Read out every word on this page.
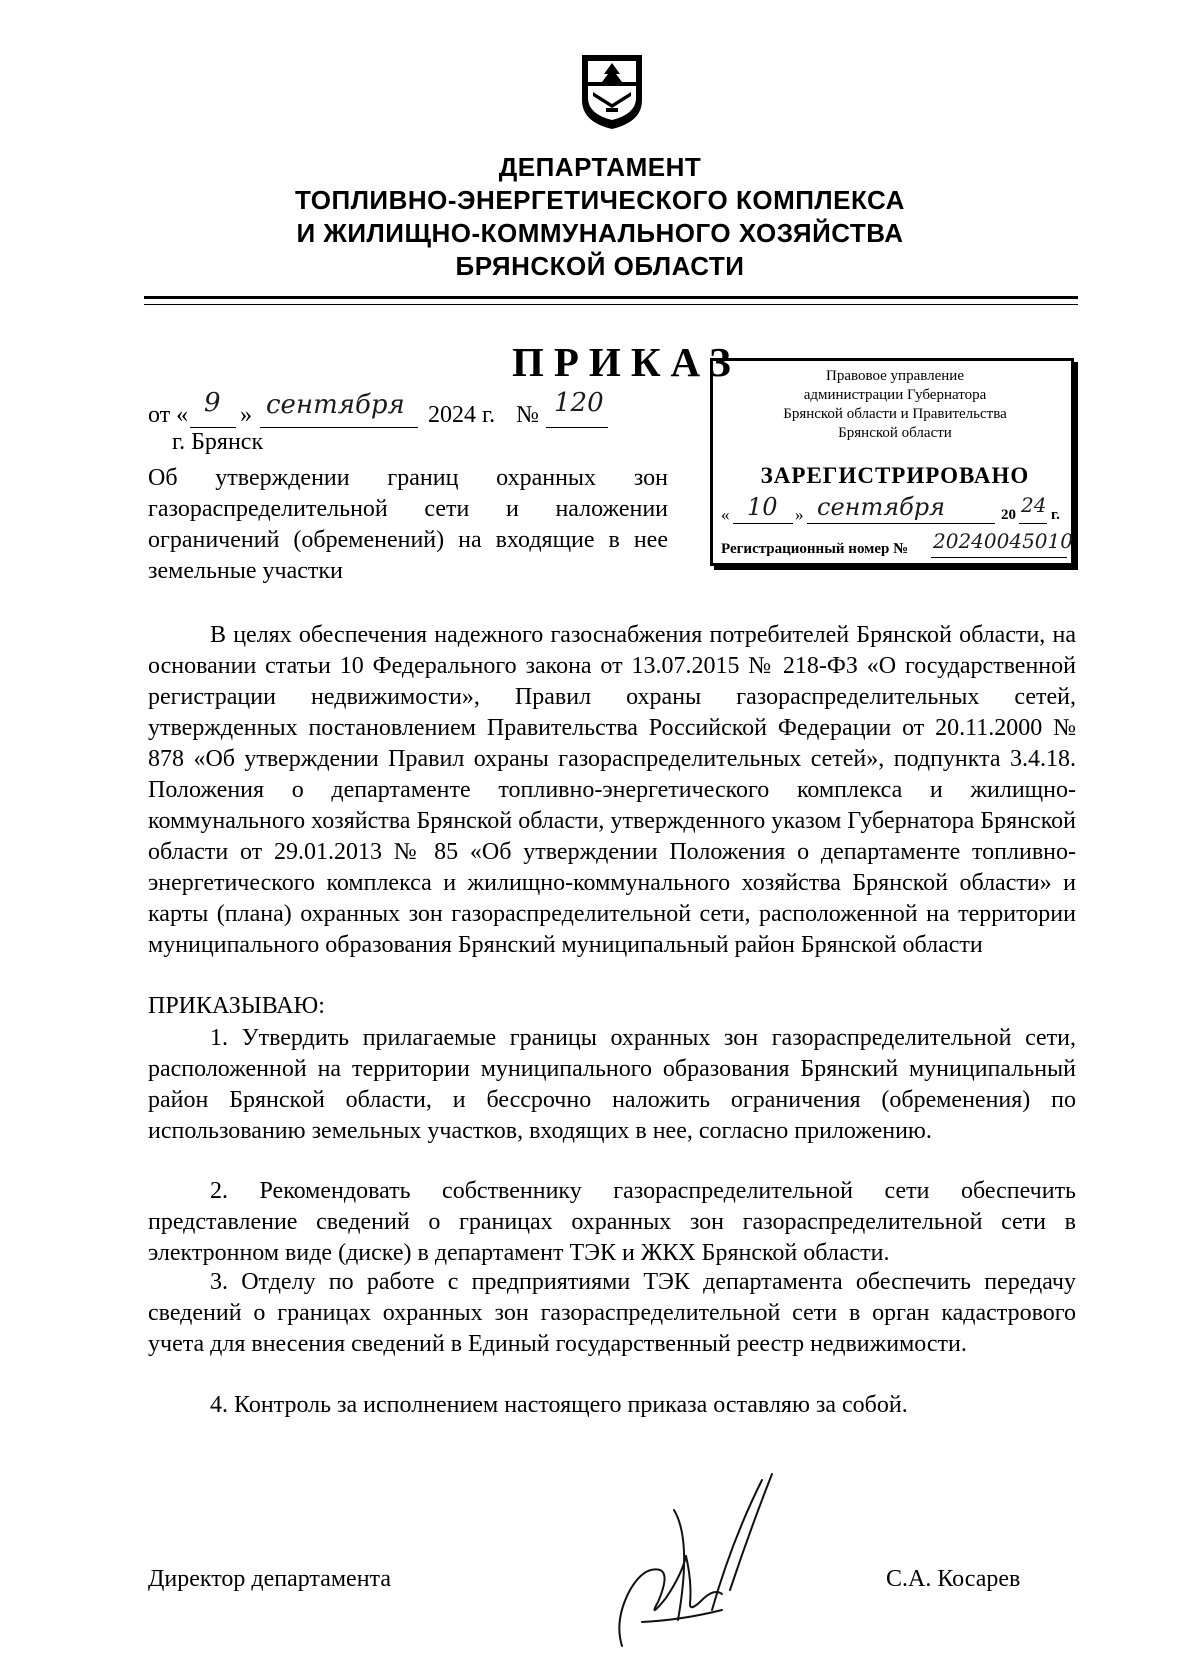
ДЕПАРТАМЕНТ
ТОПЛИВНО-ЭНЕРГЕТИЧЕСКОГО КОМПЛЕКСА
И ЖИЛИЩНО-КОММУНАЛЬНОГО ХОЗЯЙСТВА
БРЯНСКОЙ ОБЛАСТИ
ПРИКАЗ
от « 9 » сентября 2024 г. № 120
г. Брянск
Об утверждении границ охранных зон газораспределительной сети и наложении ограничений (обременений) на входящие в нее земельные участки
Правовое управление
администрации Губернатора
Брянской области и Правительства
Брянской области
ЗАРЕГИСТРИРОВАНО
« 10 » сентября	20 24 г.
Регистрационный номер № 20240045010
В целях обеспечения надежного газоснабжения потребителей Брянской области, на основании статьи 10 Федерального закона от 13.07.2015 № 218-ФЗ «О государственной регистрации недвижимости», Правил охраны газораспределительных сетей, утвержденных постановлением Правительства Российской Федерации от 20.11.2000 № 878 «Об утверждении Правил охраны газораспределительных сетей», подпункта 3.4.18. Положения о департаменте топливно-энергетического комплекса и жилищно-коммунального хозяйства Брянской области, утвержденного указом Губернатора Брянской области от 29.01.2013 № 85 «Об утверждении Положения о департаменте топливно-энергетического комплекса и жилищно-коммунального хозяйства Брянской области» и карты (плана) охранных зон газораспределительной сети, расположенной на территории муниципального образования Брянский муниципальный район Брянской области
ПРИКАЗЫВАЮ:
1. Утвердить прилагаемые границы охранных зон газораспределительной сети, расположенной на территории муниципального образования Брянский муниципальный район Брянской области, и бессрочно наложить ограничения (обременения) по использованию земельных участков, входящих в нее, согласно приложению.
2. Рекомендовать собственнику газораспределительной сети обеспечить представление сведений о границах охранных зон газораспределительной сети в электронном виде (диске) в департамент ТЭК и ЖКХ Брянской области.
3. Отделу по работе с предприятиями ТЭК департамента обеспечить передачу сведений о границах охранных зон газораспределительной сети в орган кадастрового учета для внесения сведений в Единый государственный реестр недвижимости.
4. Контроль за исполнением настоящего приказа оставляю за собой.
Директор департамента	С.А. Косарев
